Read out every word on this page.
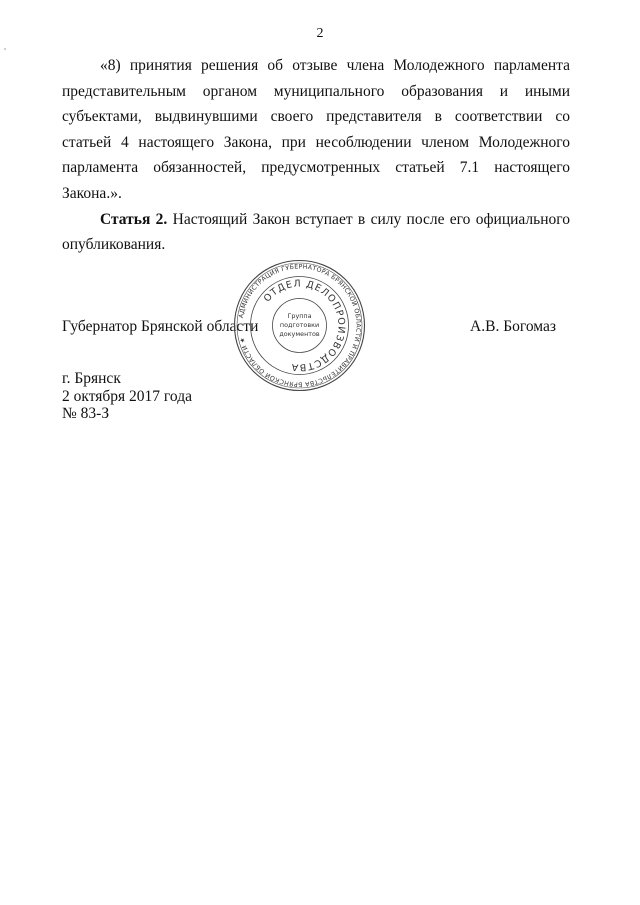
2

«8) принятия решения об отзыве члена Молодежного парламента
представительным органом муниципального образования и иными
субъектами, выдвинувшими своего представителя в соответствии со
статьей 4 настоящего Закона, при несоблюдении членом Молодежного
парламента обязанностей, предусмотренных статьей 7.1 настоящего
Закона.».

Статья 2. Настоящий Закон вступает в силу после его официального
опубликования.

Губернатор Брянской области	А.В. Богомаз
АДМИНИСТРАЦИЯ ГУБЕРНАТОРА БРЯНСКОЙ ОБЛАСТИ И ПРАВИТЕЛЬСТВА БРЯНСКОЙ ОБЛАСТИ ★
ОТДЕЛ ДЕЛОПРОИЗВОДСТВА
Группа
подготовки
документов
г. Брянск
2 октября 2017 года
№ 83-З
